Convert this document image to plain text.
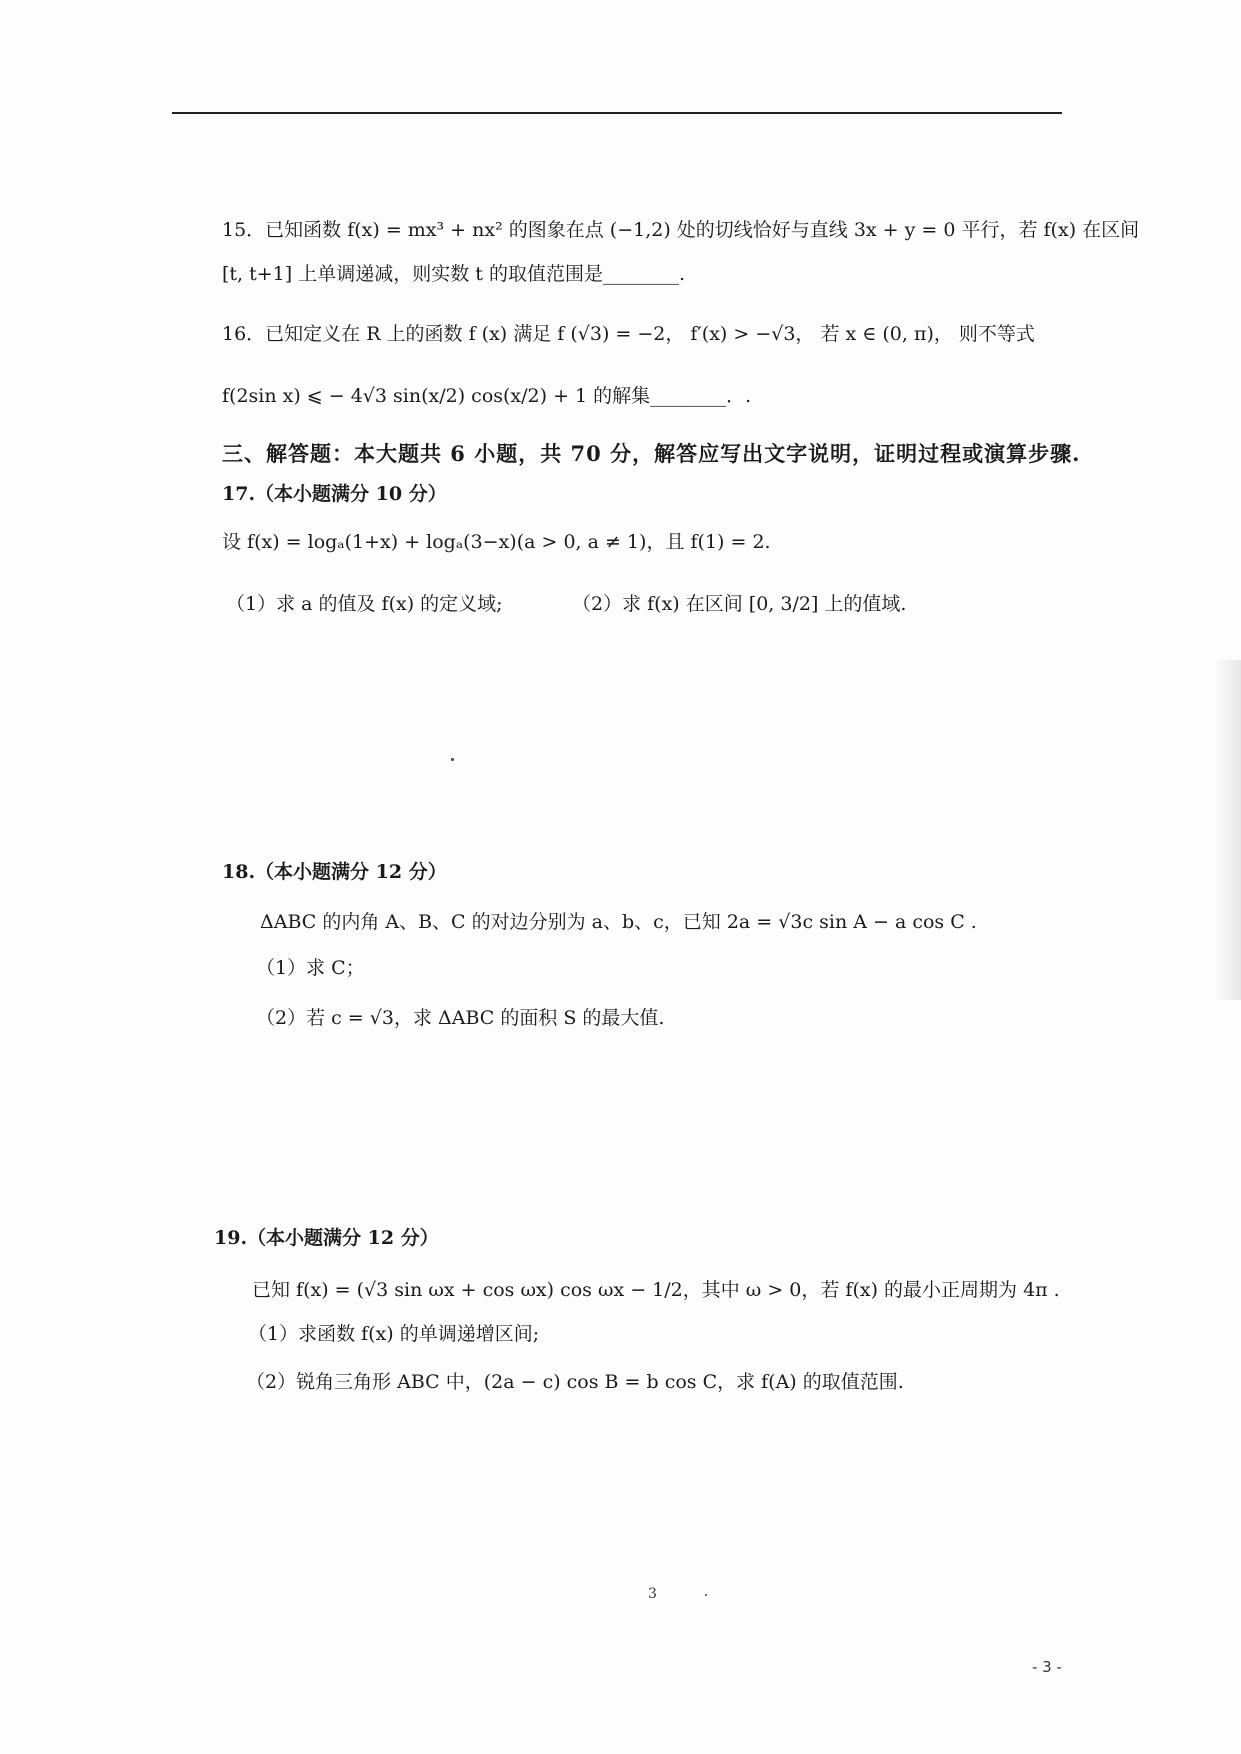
15．已知函数 f(x) = mx³ + nx² 的图象在点 (−1,2) 处的切线恰好与直线 3x + y = 0 平行，若 f(x) 在区间
[t, t+1] 上单调递减，则实数 t 的取值范围是________.
16．已知定义在 R 上的函数 f (x) 满足 f (√3) = −2， f′(x) > −√3， 若 x ∈ (0, π)， 则不等式
f(2sin x) ⩽ − 4√3 sin(x/2) cos(x/2) + 1 的解集________．.
三、解答题：本大题共 6 小题，共 70 分，解答应写出文字说明，证明过程或演算步骤.
17.（本小题满分 10 分）
设 f(x) = logₐ(1+x) + logₐ(3−x)(a > 0, a ≠ 1)，且 f(1) = 2.
（1）求 a 的值及 f(x) 的定义域;	（2）求 f(x) 在区间 [0, 3/2] 上的值域.
18.（本小题满分 12 分）
ΔABC 的内角 A、B、C 的对边分别为 a、b、c，已知 2a = √3c sin A − a cos C .
（1）求 C；
（2）若 c = √3，求 ΔABC 的面积 S 的最大值.
19.（本小题满分 12 分）
已知 f(x) = (√3 sin ωx + cos ωx) cos ωx − 1/2，其中 ω > 0，若 f(x) 的最小正周期为 4π .
（1）求函数 f(x) 的单调递增区间;
（2）锐角三角形 ABC 中，(2a − c) cos B = b cos C，求 f(A) 的取值范围.
3
- 3 -
